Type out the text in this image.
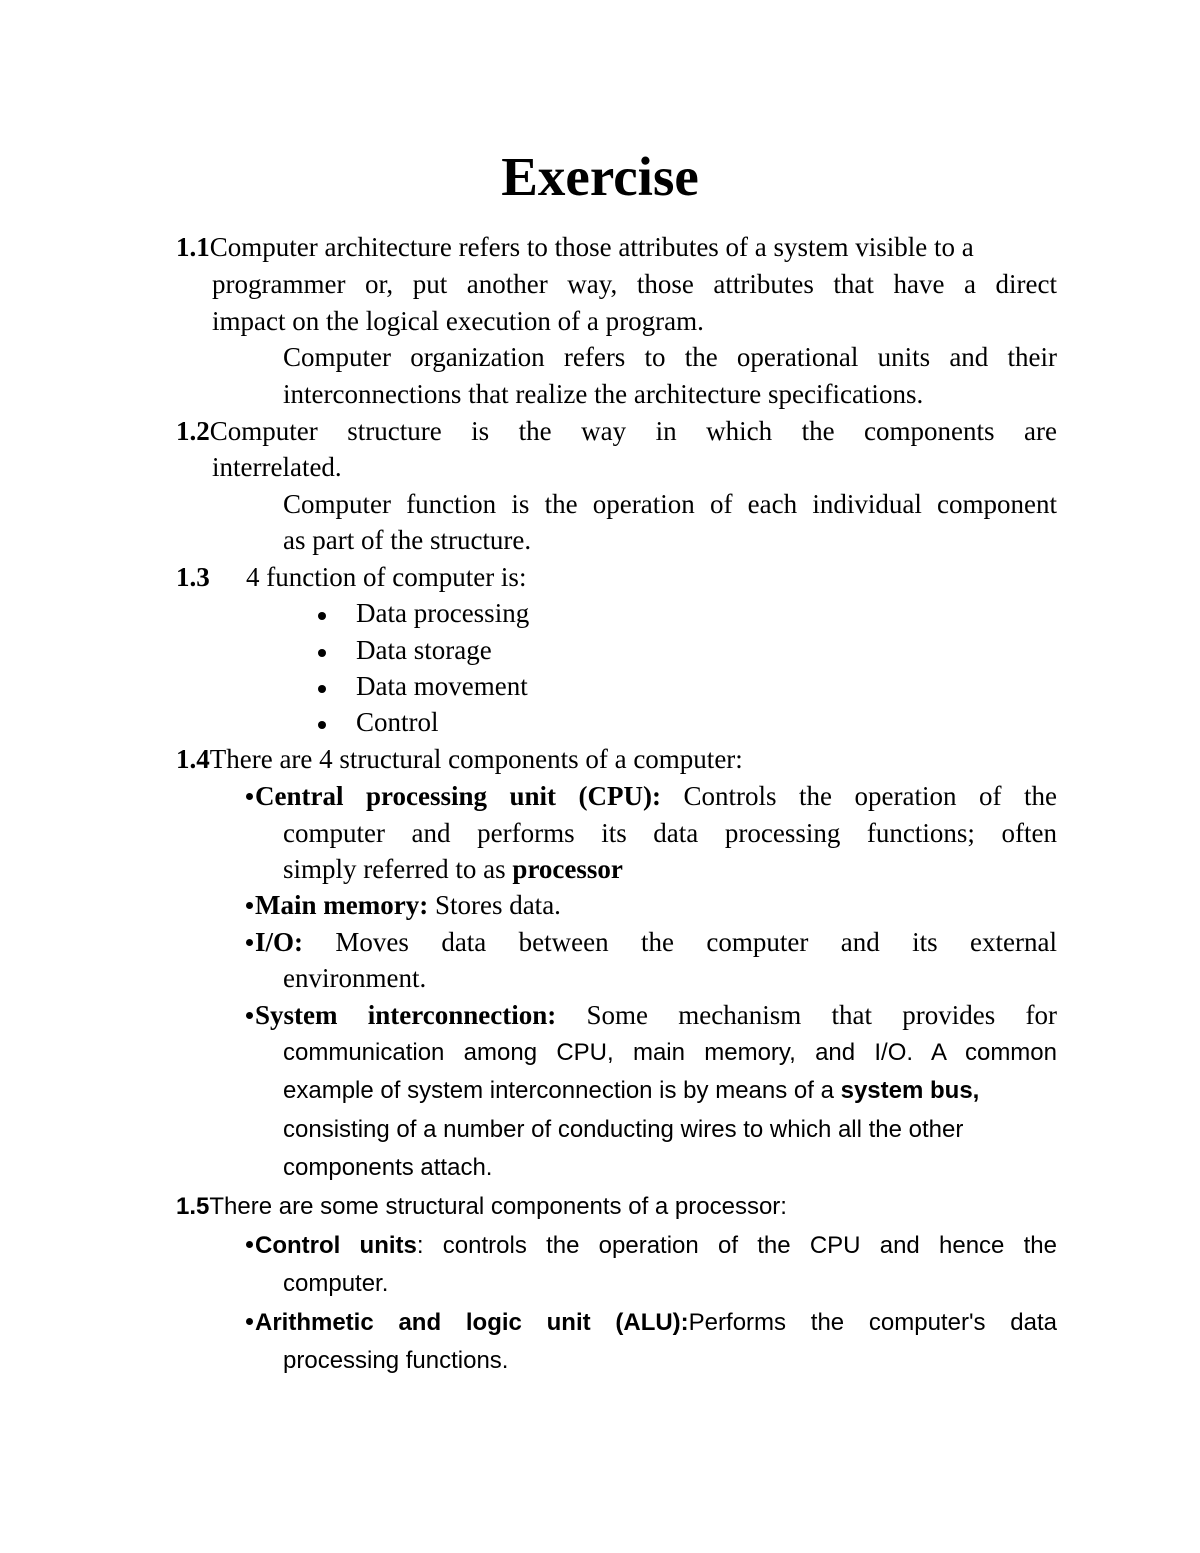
Exercise

1.1Computer architecture refers to those attributes of a system visible to a

programmer or, put another way, those attributes that have a direct

impact on the logical execution of a program.

Computer organization refers to the operational units and their

interconnections that realize the architecture specifications.

1.2Computer structure is the way in which the components are

interrelated.

Computer function is the operation of each individual component

as part of the structure.

1.3 4 function of computer is:

Data processing

Data storage

Data movement

Control

1.4There are 4 structural components of a computer:

Central processing unit (CPU): Controls the operation of the

computer and performs its data processing functions; often

simply referred to as processor

Main memory: Stores data.

I/O: Moves data between the computer and its external

environment.

System interconnection: Some mechanism that provides for

communication among CPU, main memory, and I/O. A common

example of system interconnection is by means of a system bus,

consisting of a number of conducting wires to which all the other

components attach.

1.5There are some structural components of a processor:

Control units: controls the operation of the CPU and hence the

computer.

Arithmetic and logic unit (ALU):Performs the computer's data

processing functions.
